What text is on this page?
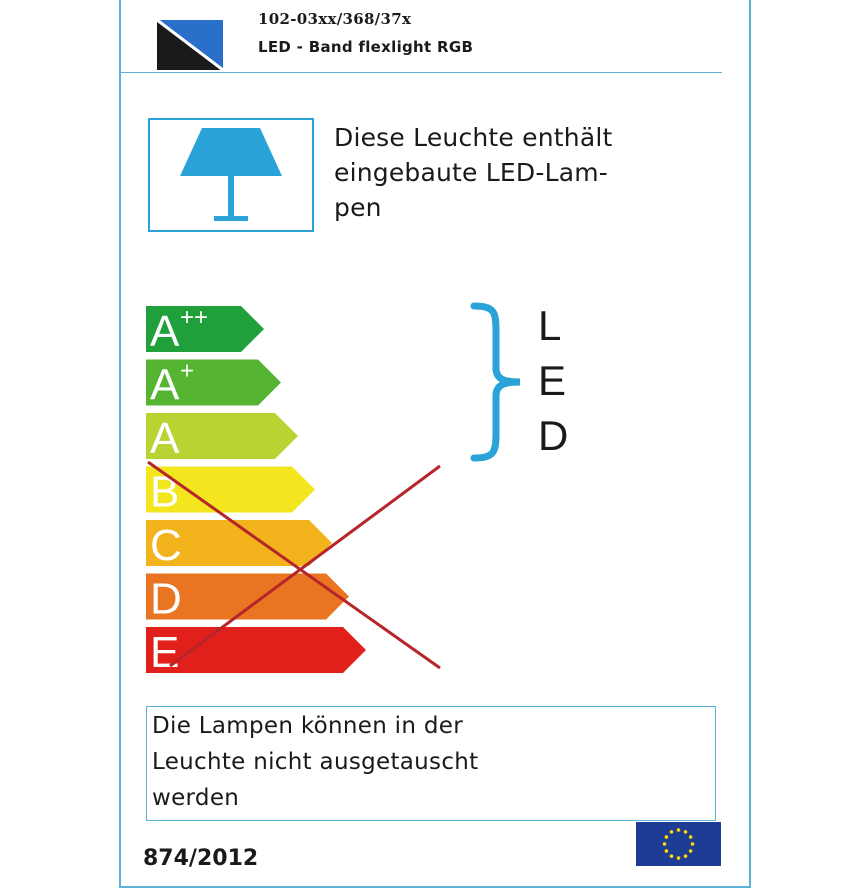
102-03xx/368/37x
LED - Band flexlight RGB
Diese Leuchte enthält
eingebaute LED-Lam-
pen
A ++
A +
A
B
C
D
E
L
E
D
Die Lampen können in der
Leuchte nicht ausgetauscht
werden
874/2012
